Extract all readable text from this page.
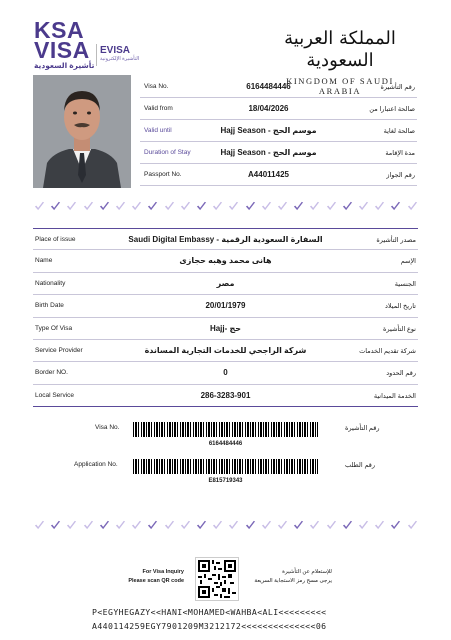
KSA
VISA
تأشيرة السعودية
EVISA
التأشيرة الإلكترونية
المملكة العربية السعودية
KINGDOM OF SAUDI ARABIA
Visa No.	6164484446	رقم التأشيرة
Valid from	18/04/2026	صالحة اعتبارا من
Valid until	Hajj Season - موسم الحج	صالحة لغاية
Duration of Stay	Hajj Season - موسم الحج	مدة الإقامة
Passport No.	A44011425	رقم الجواز
Place of issue	Saudi Digital Embassy - السفارة السعودية الرقمية	مصدر التأشيرة
Name	هانى محمد وهبه حجازى	الإسم
Nationality	مصر	الجنسية
Birth Date	20/01/1979	تاريخ الميلاد
Type Of Visa	Hajj- حج	نوع التأشيرة
Service Provider	شركة الراجحي للخدمات التجارية المساندة	شركة تقديم الخدمات
Border NO.	0	رقم الحدود
Local Service	286-3283-901	الخدمة الميدانية
Visa No.	رقم التأشيرة
6164484446
Application No.	رقم الطلب
E815719343
For Visa Inquiry
Please scan QR code
للإستعلام عن التأشيرة
يرجى مسح رمز الاستجابة السريعة
P<EGYHEGAZY<<HANI<MOHAMED<WAHBA<ALI<<<<<<<<<
A440114259EGY7901209M3212172<<<<<<<<<<<<<<06
